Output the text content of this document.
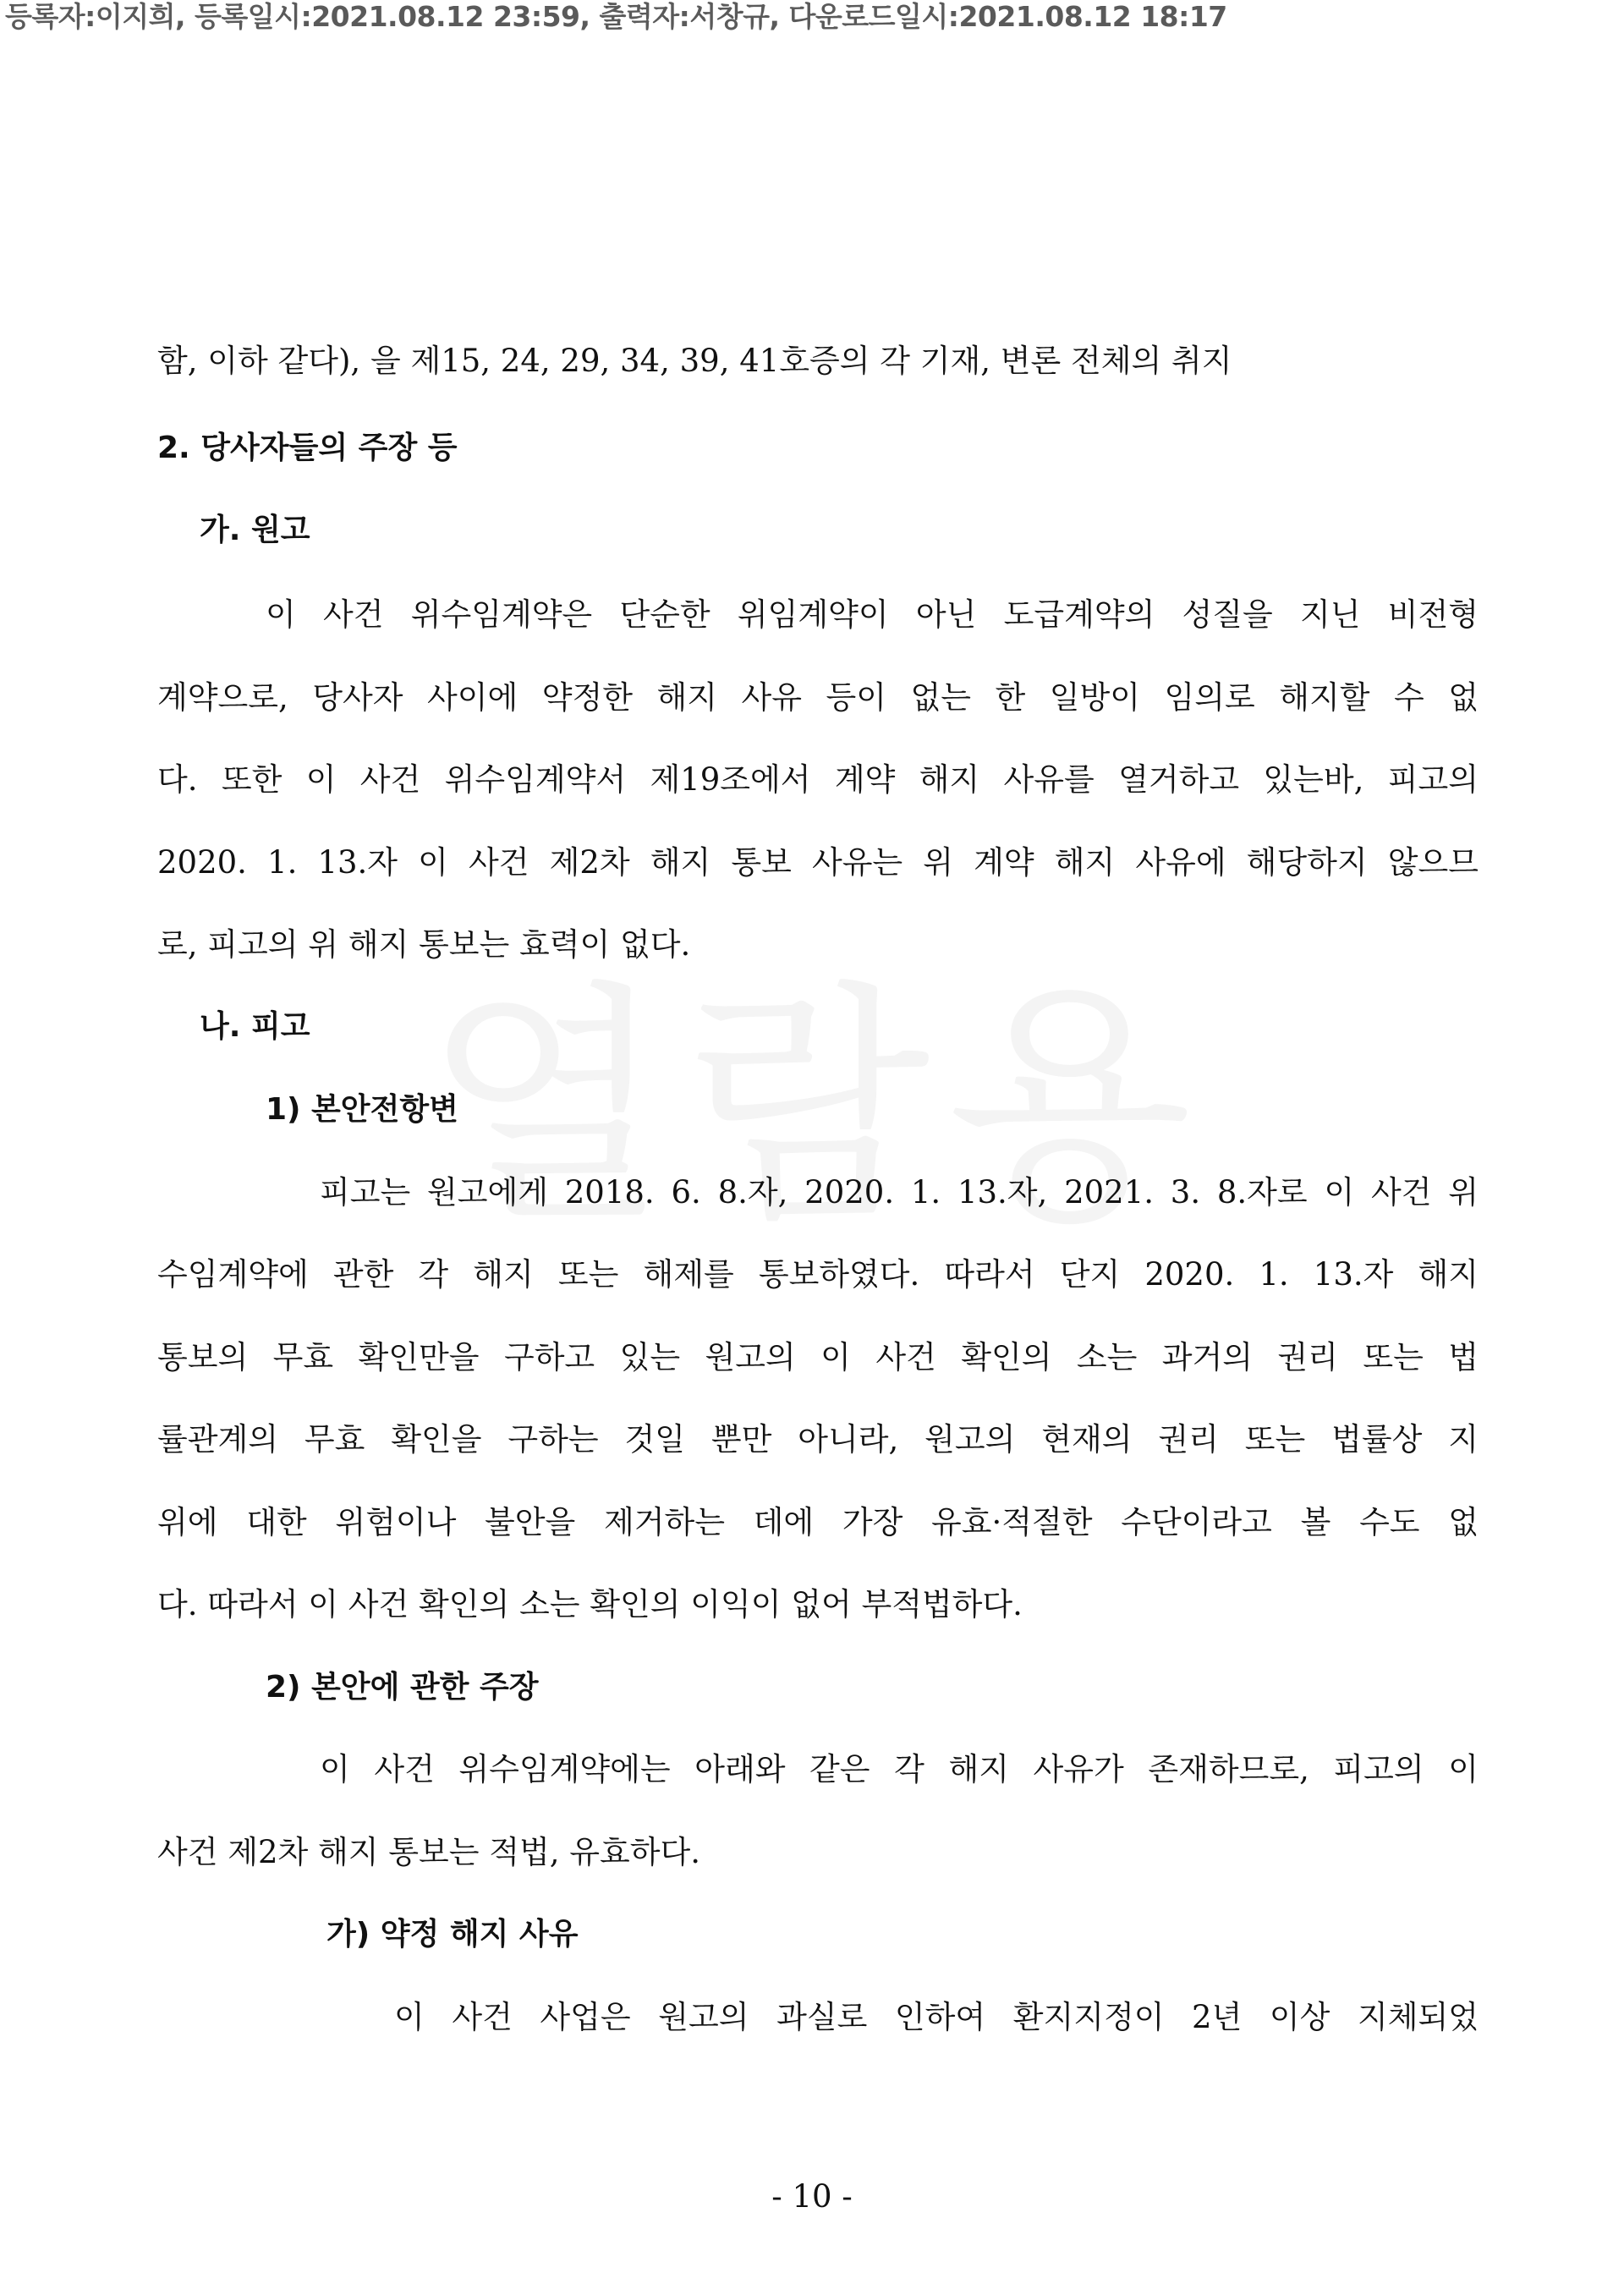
등록자:이지희, 등록일시:2021.08.12 23:59, 출력자:서창규, 다운로드일시:2021.08.12 18:17
함, 이하 같다), 을 제15, 24, 29, 34, 39, 41호증의 각 기재, 변론 전체의 취지
2. 당사자들의 주장 등
가. 원고
이 사건 위수임계약은 단순한 위임계약이 아닌 도급계약의 성질을 지닌 비전형
계약으로, 당사자 사이에 약정한 해지 사유 등이 없는 한 일방이 임의로 해지할 수 없
다. 또한 이 사건 위수임계약서 제19조에서 계약 해지 사유를 열거하고 있는바, 피고의
2020. 1. 13.자 이 사건 제2차 해지 통보 사유는 위 계약 해지 사유에 해당하지 않으므
로, 피고의 위 해지 통보는 효력이 없다.
나. 피고
1) 본안전항변
피고는 원고에게 2018. 6. 8.자, 2020. 1. 13.자, 2021. 3. 8.자로 이 사건 위
수임계약에 관한 각 해지 또는 해제를 통보하였다. 따라서 단지 2020. 1. 13.자 해지
통보의 무효 확인만을 구하고 있는 원고의 이 사건 확인의 소는 과거의 권리 또는 법
률관계의 무효 확인을 구하는 것일 뿐만 아니라, 원고의 현재의 권리 또는 법률상 지
위에 대한 위험이나 불안을 제거하는 데에 가장 유효·적절한 수단이라고 볼 수도 없
다. 따라서 이 사건 확인의 소는 확인의 이익이 없어 부적법하다.
2) 본안에 관한 주장
이 사건 위수임계약에는 아래와 같은 각 해지 사유가 존재하므로, 피고의 이
사건 제2차 해지 통보는 적법, 유효하다.
가) 약정 해지 사유
이 사건 사업은 원고의 과실로 인하여 환지지정이 2년 이상 지체되었
- 10 -
